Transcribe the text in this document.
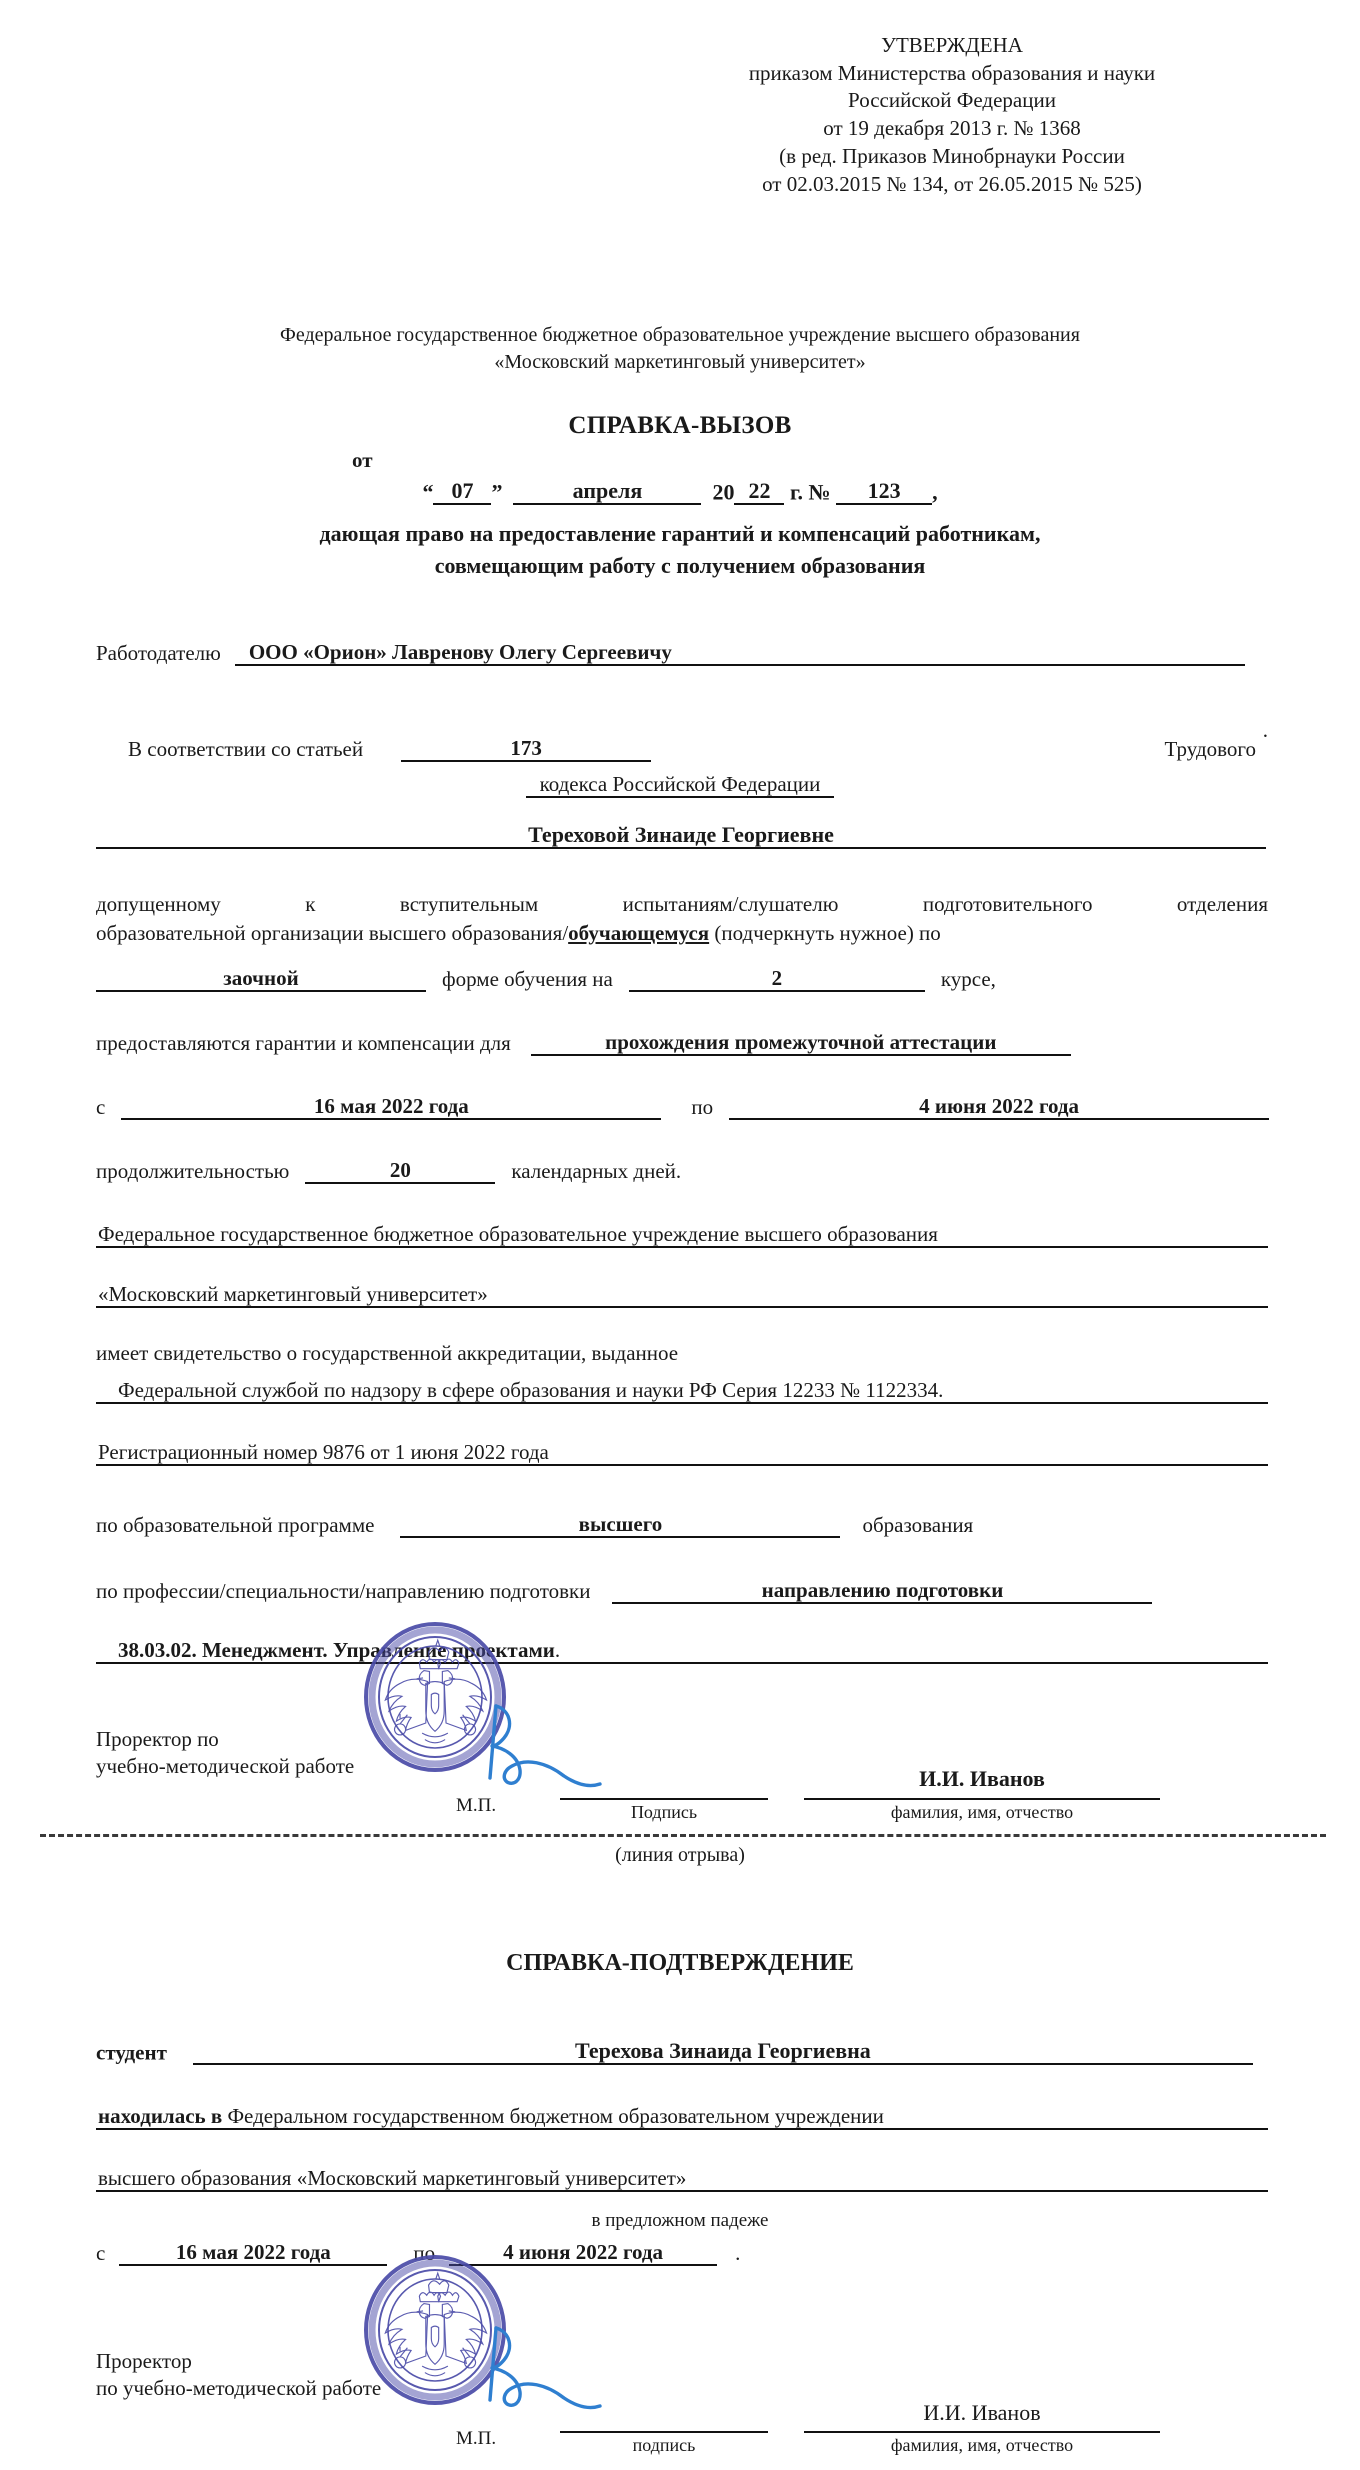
УТВЕРЖДЕНА
приказом Министерства образования и науки
Российской Федерации
от 19 декабря 2013 г. № 1368
(в ред. Приказов Минобрнауки России
от 02.03.2015 № 134, от 26.05.2015 № 525)
Федеральное государственное бюджетное образовательное учреждение высшего образования
«Московский маркетинговый университет»
СПРАВКА-ВЫЗОВ
от
“ 07 ”	апреля	20 22 г. № 123 ,
дающая право на предоставление гарантий и компенсаций работникам,
совмещающим работу с получением образования
Работодателю ООО «Орион» Лавренову Олегу Сергеевичу
.
В соответствии со статьей	173	Трудового
кодекса Российской Федерации
Тереховой Зинаиде Георгиевне
допущенному к вступительным испытаниям/слушателю подготовительного отделения
образовательной организации высшего образования/обучающемуся (подчеркнуть нужное) по
заочной	форме обучения на	2	курсе,
предоставляются гарантии и компенсации для	прохождения промежуточной аттестации
с	16 мая 2022 года	по	4 июня 2022 года
продолжительностью	20	календарных дней.
Федеральное государственное бюджетное образовательное учреждение высшего образования
«Московский маркетинговый университет»
имеет свидетельство о государственной аккредитации, выданное
Федеральной службой по надзору в сфере образования и науки РФ Серия 12233 № 1122334.
Регистрационный номер 9876 от 1 июня 2022 года
по образовательной программе	высшего	образования
по профессии/специальности/направлению подготовки	направлению подготовки
38.03.02. Менеджмент. Управление проектами.
Проректор по
учебно-методической работе
М.П.	Подпись
И.И. Иванов
фамилия, имя, отчество
(линия отрыва)
СПРАВКА-ПОДТВЕРЖДЕНИЕ
студент	Терехова Зинаида Георгиевна
находилась в Федеральном государственном бюджетном образовательном учреждении
высшего образования «Московский маркетинговый университет»
в предложном падеже
с	16 мая 2022 года	по	4 июня 2022 года	.
Проректор
по учебно-методической работе
М.П.	подпись
И.И. Иванов
фамилия, имя, отчество
